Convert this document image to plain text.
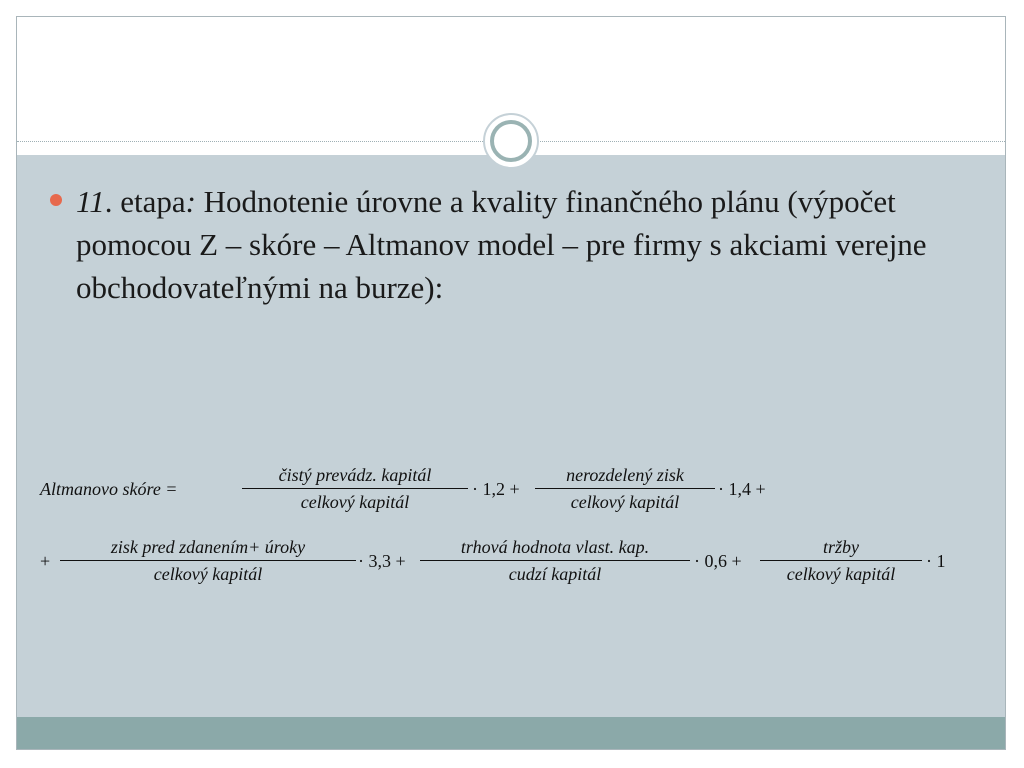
11. etapa: Hodnotenie úrovne a kvality finančného plánu (výpočet pomocou Z – skóre – Altmanov model – pre firmy s akciami verejne obchodovateľnými na burze):
Altmanovo skóre =
čistý prevádz. kapitál
celkový kapitál
· 1,2 +
nerozdelený zisk
celkový kapitál
· 1,4 +
+
zisk pred zdanením+ úroky
celkový kapitál
· 3,3 +
trhová hodnota vlast. kap.
cudzí kapitál
· 0,6 +
tržby
celkový kapitál
· 1
